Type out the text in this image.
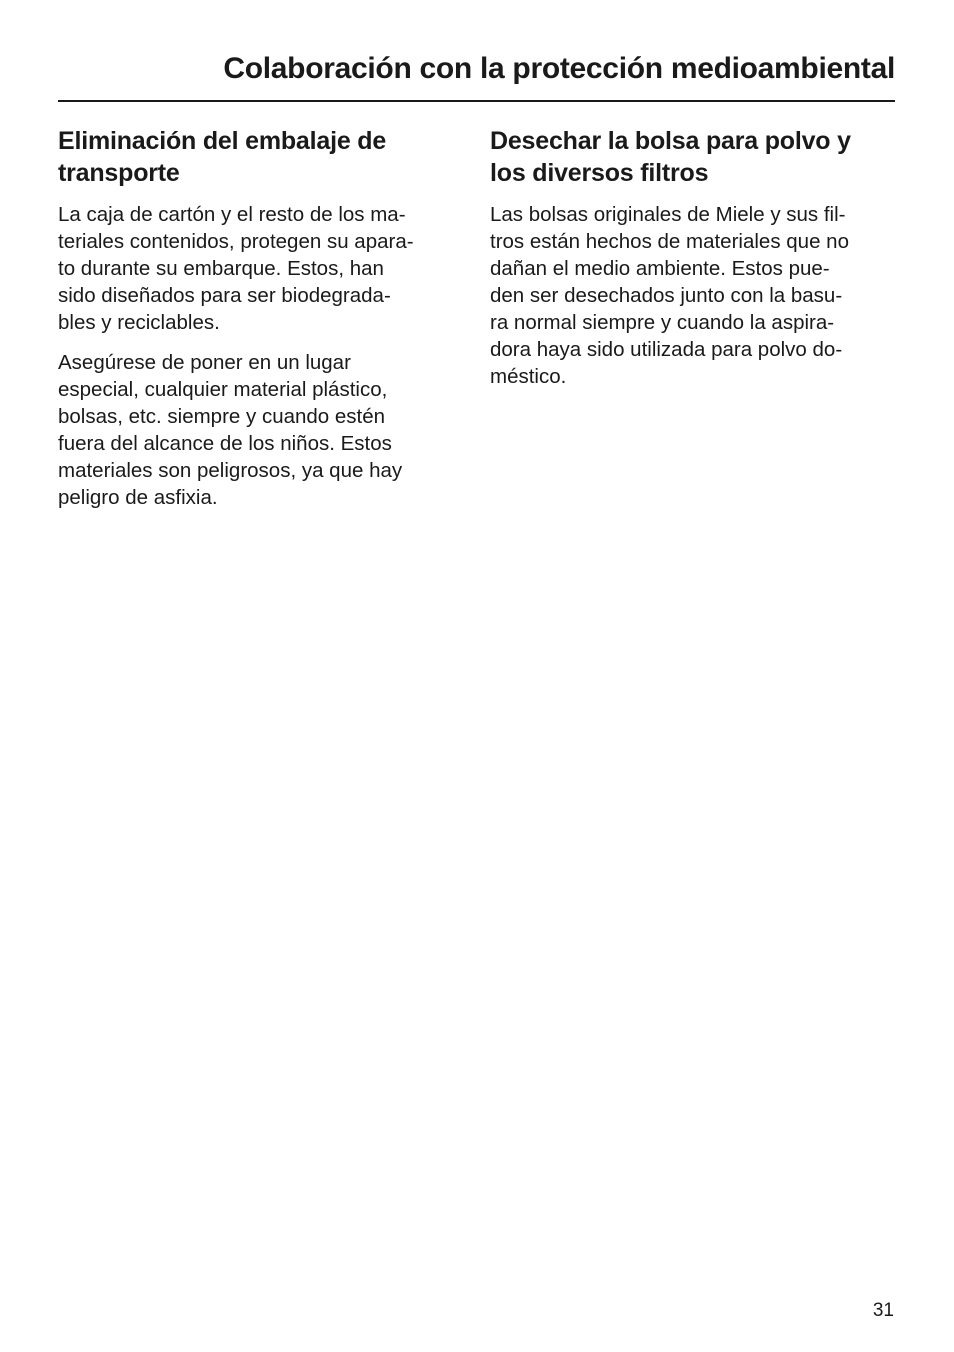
Colaboración con la protección medioambiental
Eliminación del embalaje de
transporte

La caja de cartón y el resto de los ma-
teriales contenidos, protegen su apara-
to durante su embarque. Estos, han
sido diseñados para ser biodegrada-
bles y reciclables.

Asegúrese de poner en un lugar
especial, cualquier material plástico,
bolsas, etc. siempre y cuando estén
fuera del alcance de los niños. Estos
materiales son peligrosos, ya que hay
peligro de asfixia.

Desechar la bolsa para polvo y
los diversos filtros

Las bolsas originales de Miele y sus fil-
tros están hechos de materiales que no
dañan el medio ambiente. Estos pue-
den ser desechados junto con la basu-
ra normal siempre y cuando la aspira-
dora haya sido utilizada para polvo do-
méstico.

31
